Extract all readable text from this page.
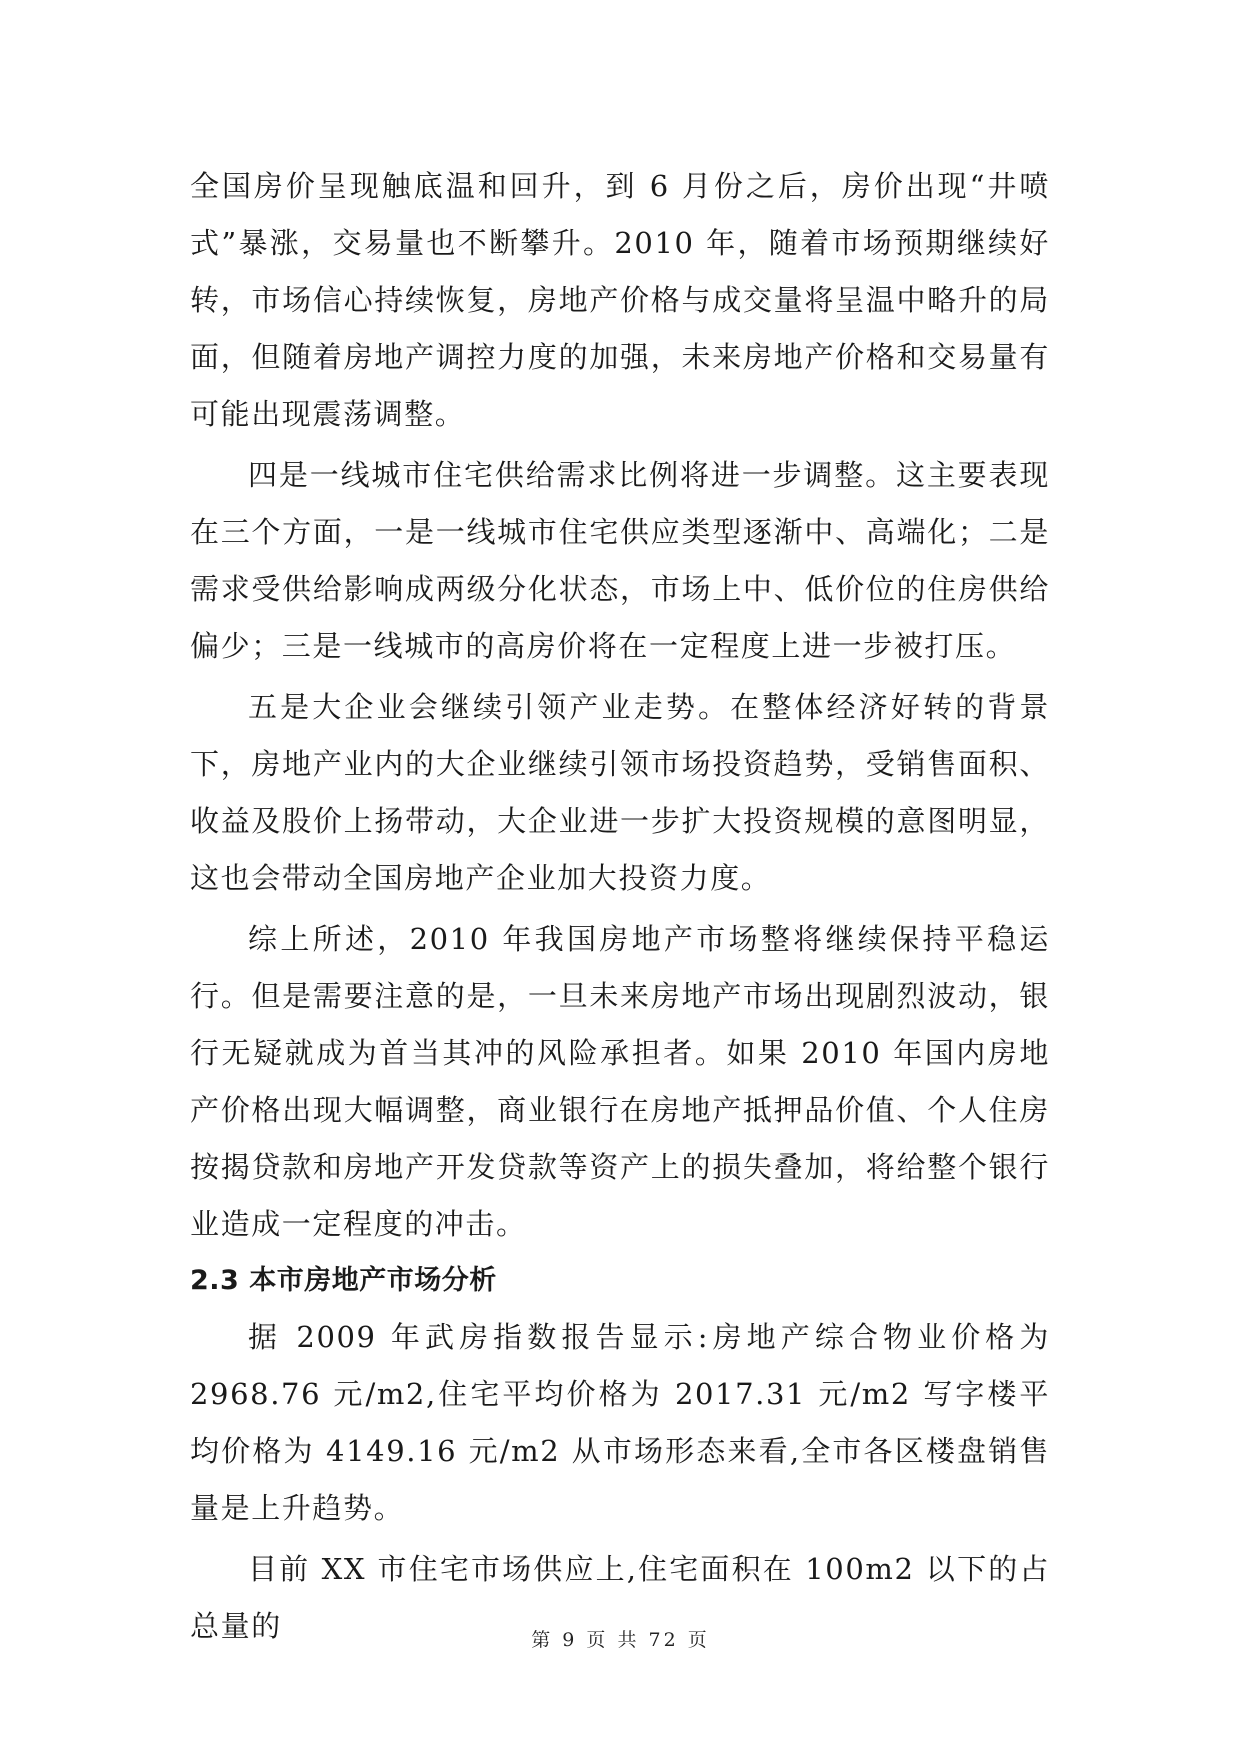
全国房价呈现触底温和回升，到 6 月份之后，房价出现“井喷式”暴涨，交易量也不断攀升。2010 年，随着市场预期继续好转，市场信心持续恢复，房地产价格与成交量将呈温中略升的局面，但随着房地产调控力度的加强，未来房地产价格和交易量有可能出现震荡调整。

四是一线城市住宅供给需求比例将进一步调整。这主要表现在三个方面，一是一线城市住宅供应类型逐渐中、高端化；二是需求受供给影响成两级分化状态，市场上中、低价位的住房供给偏少；三是一线城市的高房价将在一定程度上进一步被打压。

五是大企业会继续引领产业走势。在整体经济好转的背景下，房地产业内的大企业继续引领市场投资趋势，受销售面积、收益及股价上扬带动，大企业进一步扩大投资规模的意图明显，这也会带动全国房地产企业加大投资力度。

综上所述，2010 年我国房地产市场整将继续保持平稳运行。但是需要注意的是，一旦未来房地产市场出现剧烈波动，银行无疑就成为首当其冲的风险承担者。如果 2010 年国内房地产价格出现大幅调整，商业银行在房地产抵押品价值、个人住房按揭贷款和房地产开发贷款等资产上的损失叠加，将给整个银行业造成一定程度的冲击。

2.3 本市房地产市场分析

据 2009 年武房指数报告显示:房地产综合物业价格为 2968.76 元/m2,住宅平均价格为 2017.31 元/m2 写字楼平均价格为 4149.16 元/m2 从市场形态来看,全市各区楼盘销售量是上升趋势。

目前 XX 市住宅市场供应上,住宅面积在 100m2 以下的占总量的	第 9 页 共 72 页
